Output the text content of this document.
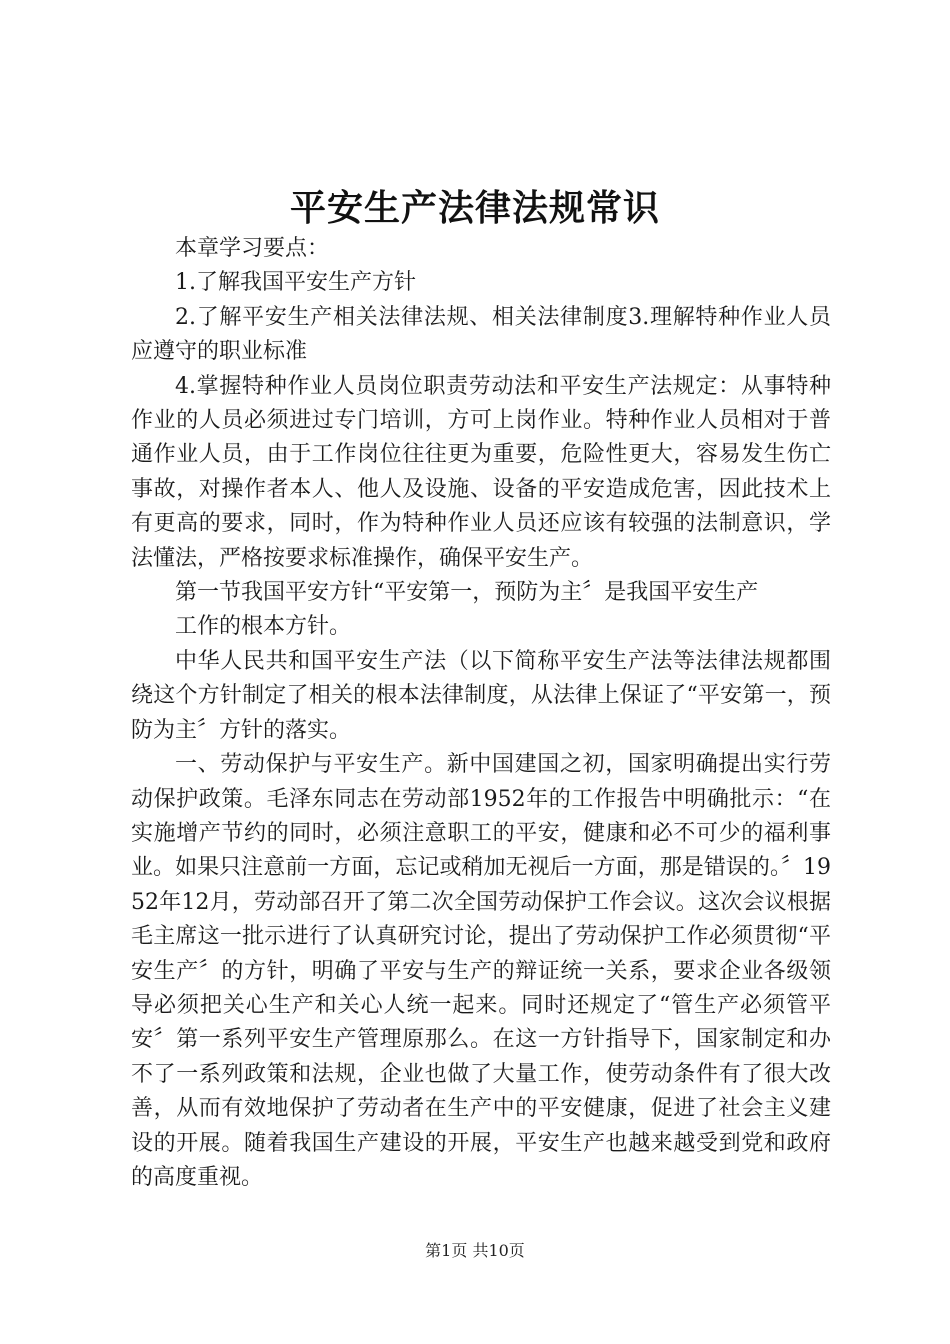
平安生产法律法规常识

本章学习要点：

1.了解我国平安生产方针

2.了解平安生产相关法律法规、相关法律制度3.理解特种作业人员应遵守的职业标准

4.掌握特种作业人员岗位职责劳动法和平安生产法规定：从事特种作业的人员必须进过专门培训，方可上岗作业。特种作业人员相对于普通作业人员，由于工作岗位往往更为重要，危险性更大，容易发生伤亡事故，对操作者本人、他人及设施、设备的平安造成危害，因此技术上有更高的要求，同时，作为特种作业人员还应该有较强的法制意识，学法懂法，严格按要求标准操作，确保平安生产。

第一节我国平安方针“平安第一，预防为主〞是我国平安生产

工作的根本方针。

中华人民共和国平安生产法（以下简称平安生产法等法律法规都围绕这个方针制定了相关的根本法律制度，从法律上保证了“平安第一，预防为主〞方针的落实。

一、劳动保护与平安生产。新中国建国之初，国家明确提出实行劳动保护政策。毛泽东同志在劳动部1952年的工作报告中明确批示：“在实施增产节约的同时，必须注意职工的平安，健康和必不可少的福利事业。如果只注意前一方面，忘记或稍加无视后一方面，那是错误的。〞1952年12月，劳动部召开了第二次全国劳动保护工作会议。这次会议根据毛主席这一批示进行了认真研究讨论，提出了劳动保护工作必须贯彻“平安生产〞的方针，明确了平安与生产的辩证统一关系，要求企业各级领导必须把关心生产和关心人统一起来。同时还规定了“管生产必须管平安〞第一系列平安生产管理原那么。在这一方针指导下，国家制定和办不了一系列政策和法规，企业也做了大量工作，使劳动条件有了很大改善，从而有效地保护了劳动者在生产中的平安健康，促进了社会主义建设的开展。随着我国生产建设的开展，平安生产也越来越受到党和政府的高度重视。

第1页 共10页
